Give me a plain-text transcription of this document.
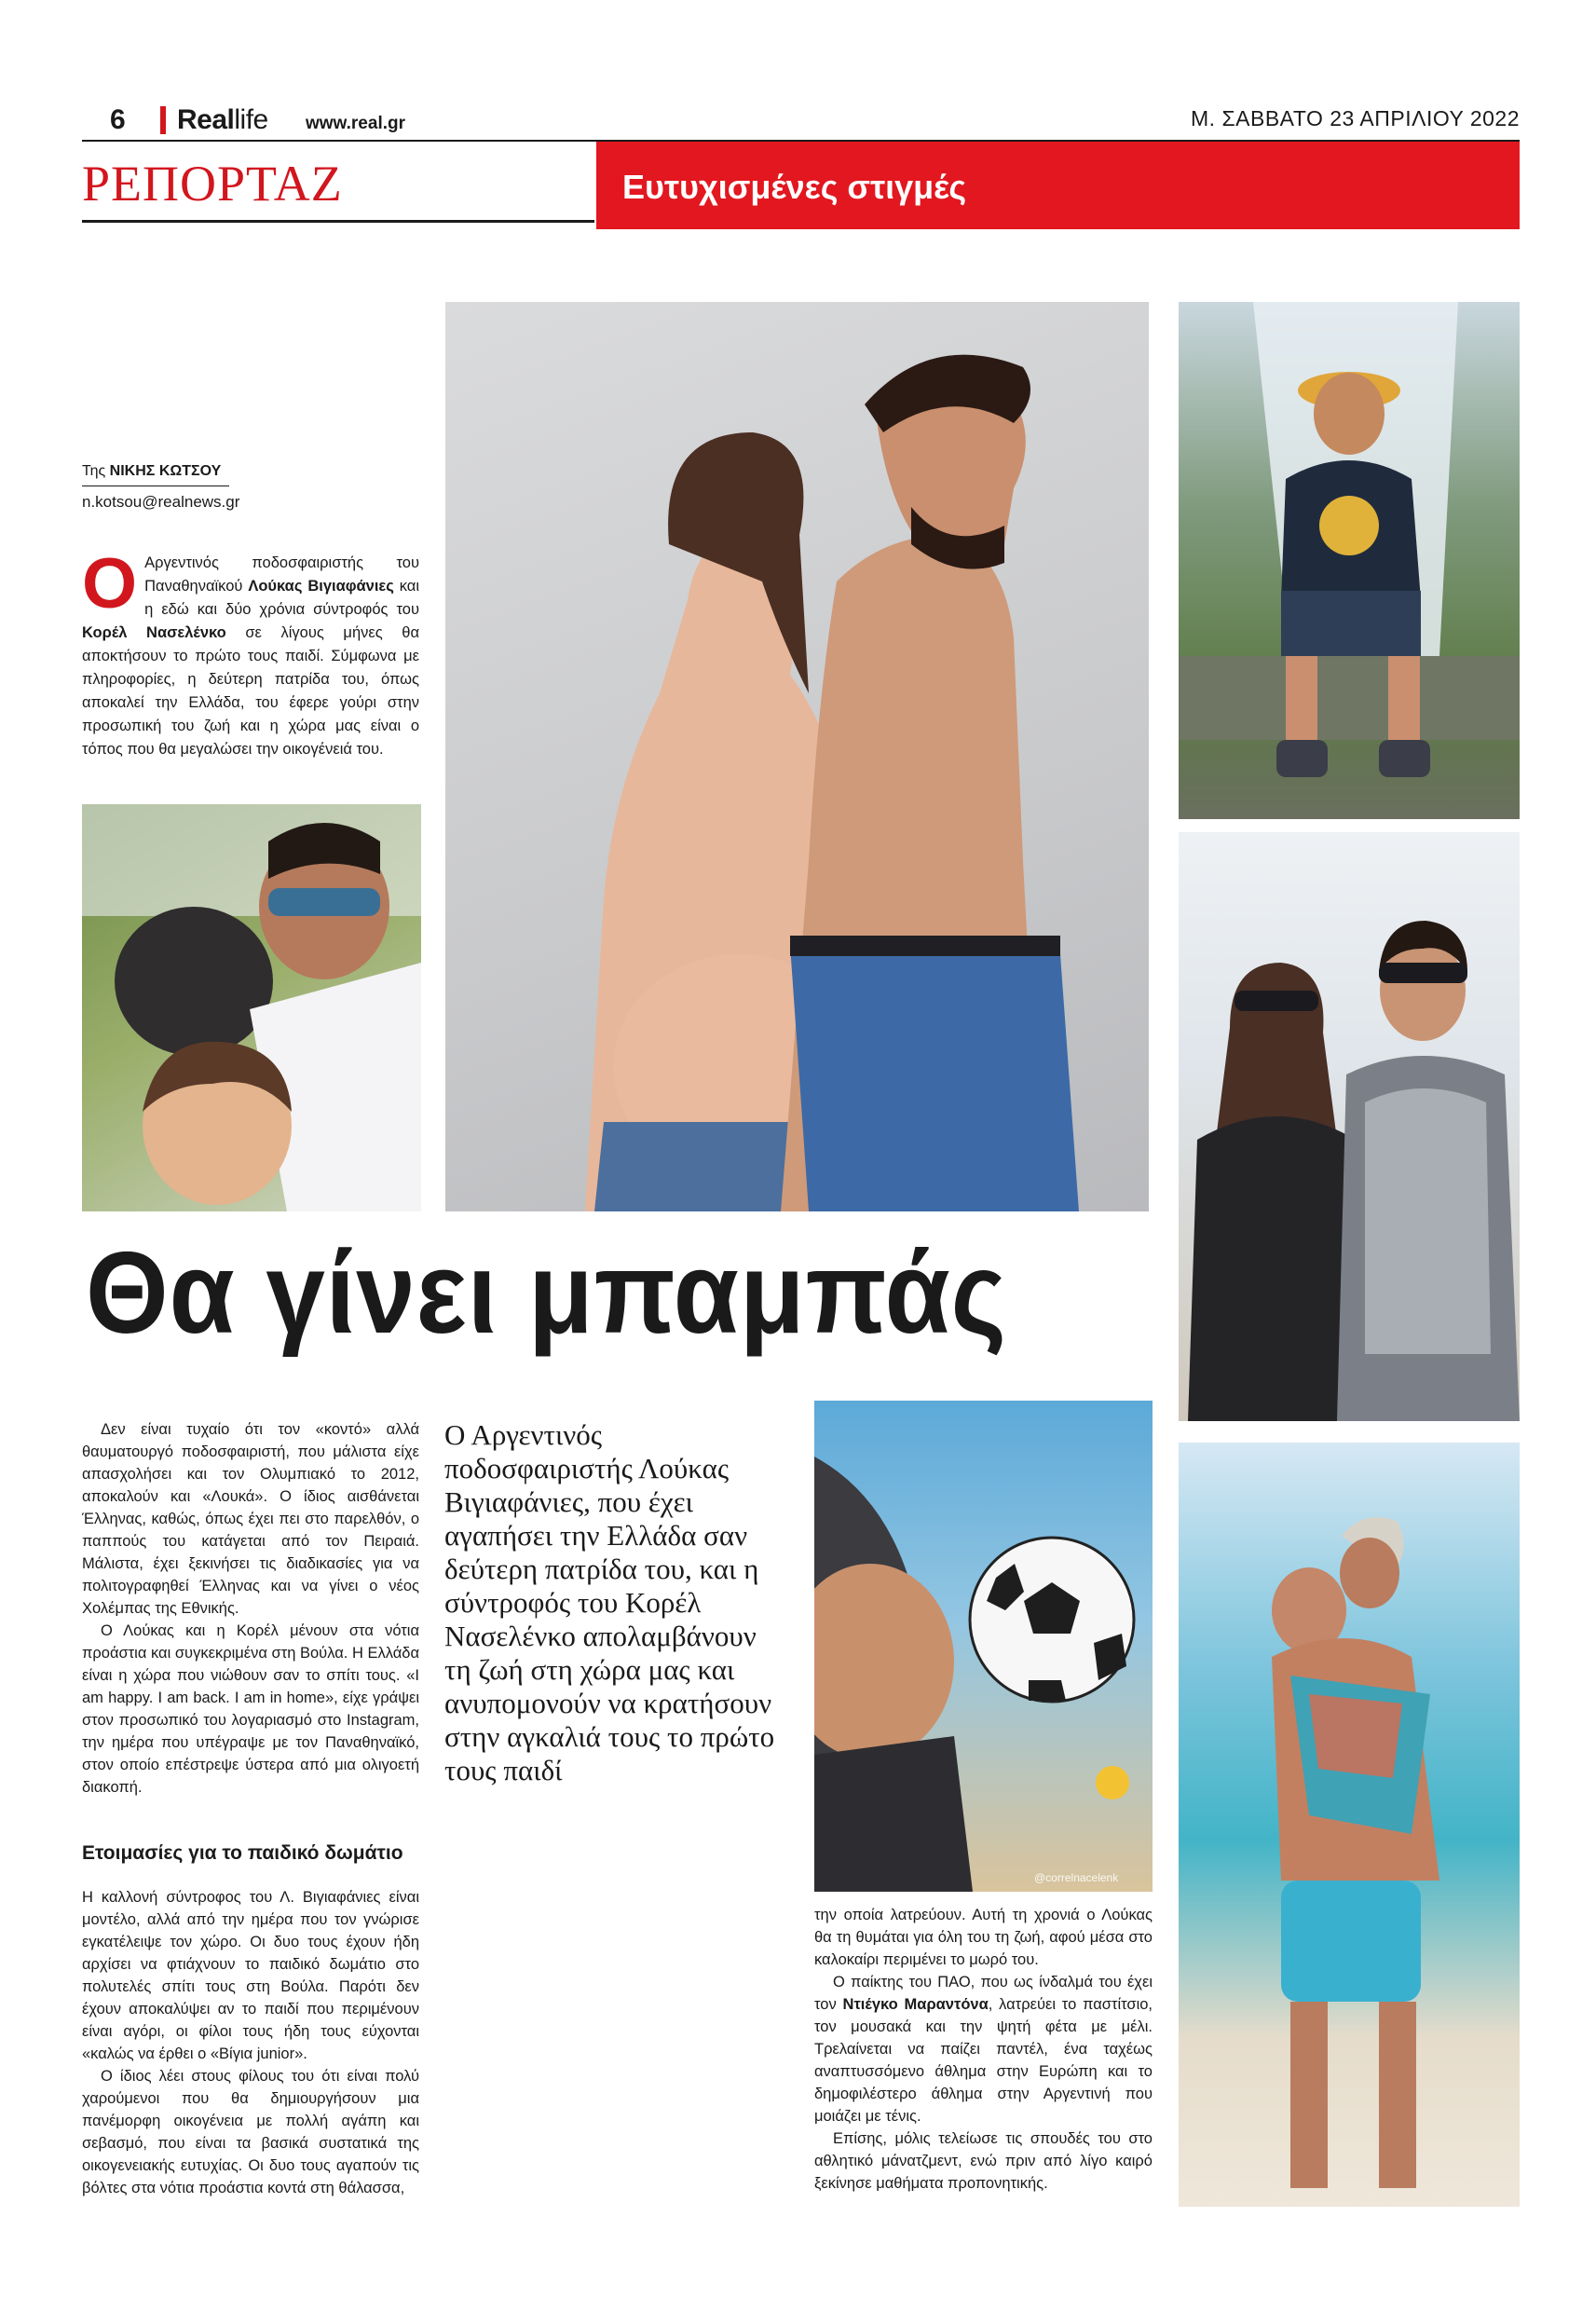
6 Reallife www.real.gr	Μ. ΣΑΒΒΑΤΟ 23 ΑΠΡΙΛΙΟΥ 2022
ΡΕΠΟΡΤΑΖ	Ευτυχισμένες στιγμές
Της ΝΙΚΗΣ ΚΩΤΣΟΥ
n.kotsou@realnews.gr
Ο Αργεντινός ποδοσφαιριστής του Παναθηναϊκού Λούκας Βιγιαφάνιες και η εδώ και δύο χρόνια σύντροφός του Κορέλ Νασελένκο σε λίγους μήνες θα αποκτήσουν το πρώτο τους παιδί. Σύμφωνα με πληροφορίες, η δεύτερη πατρίδα του, όπως αποκαλεί την Ελλάδα, του έφερε γούρι στην προσωπική του ζωή και η χώρα μας είναι ο τόπος που θα μεγαλώσει την οικογένειά του.
@correlnacelenk
Θα γίνει μπαμπάς

Δεν είναι τυχαίο ότι τον «κοντό» αλλά θαυματουργό ποδοσφαιριστή, που μάλιστα είχε απασχολήσει και τον Ολυμπιακό το 2012, αποκαλούν και «Λουκά». Ο ίδιος αισθάνεται Έλληνας, καθώς, όπως έχει πει στο παρελθόν, ο παππούς του κατάγεται από τον Πειραιά. Μάλιστα, έχει ξεκινήσει τις διαδικασίες για να πολιτογραφηθεί Έλληνας και να γίνει ο νέος Χολέμπας της Εθνικής.

Ο Λούκας και η Κορέλ μένουν στα νότια προάστια και συγκεκριμένα στη Βούλα. Η Ελλάδα είναι η χώρα που νιώθουν σαν το σπίτι τους. «I am happy. I am back. I am in home», είχε γράψει στον προσωπικό του λογαριασμό στο Instagram, την ημέρα που υπέγραψε με τον Παναθηναϊκό, στον οποίο επέστρεψε ύστερα από μια ολιγοετή διακοπή.

Ετοιμασίες για το παιδικό δωμάτιο

Η καλλονή σύντροφος του Λ. Βιγιαφάνιες είναι μοντέλο, αλλά από την ημέρα που τον γνώρισε εγκατέλειψε τον χώρο. Οι δυο τους έχουν ήδη αρχίσει να φτιάχνουν το παιδικό δωμάτιο στο πολυτελές σπίτι τους στη Βούλα. Παρότι δεν έχουν αποκαλύψει αν το παιδί που περιμένουν είναι αγόρι, οι φίλοι τους ήδη τους εύχονται «καλώς να έρθει ο «Βίγια junior».

Ο ίδιος λέει στους φίλους του ότι είναι πολύ χαρούμενοι που θα δημιουργήσουν μια πανέμορφη οικογένεια με πολλή αγάπη και σεβασμό, που είναι τα βασικά συστατικά της οικογενειακής ευτυχίας. Οι δυο τους αγαπούν τις βόλτες στα νότια προάστια κοντά στη θάλασσα,

Ο Αργεντινός ποδοσφαιριστής Λούκας Βιγιαφάνιες, που έχει αγαπήσει την Ελλάδα σαν δεύτερη πατρίδα του, και η σύντροφός του Κορέλ Νασελένκο απολαμβάνουν τη ζωή στη χώρα μας και ανυπομονούν να κρατήσουν στην αγκαλιά τους το πρώτο τους παιδί

την οποία λατρεύουν. Αυτή τη χρονιά ο Λούκας θα τη θυμάται για όλη του τη ζωή, αφού μέσα στο καλοκαίρι περιμένει το μωρό του.

Ο παίκτης του ΠΑΟ, που ως ίνδαλμά του έχει τον Ντιέγκο Μαραντόνα, λατρεύει το παστίτσιο, τον μουσακά και την ψητή φέτα με μέλι. Τρελαίνεται να παίζει παντέλ, ένα ταχέως αναπτυσσόμενο άθλημα στην Ευρώπη και το δημοφιλέστερο άθλημα στην Αργεντινή που μοιάζει με τένις.

Επίσης, μόλις τελείωσε τις σπουδές του στο αθλητικό μάνατζμεντ, ενώ πριν από λίγο καιρό ξεκίνησε μαθήματα προπονητικής.
